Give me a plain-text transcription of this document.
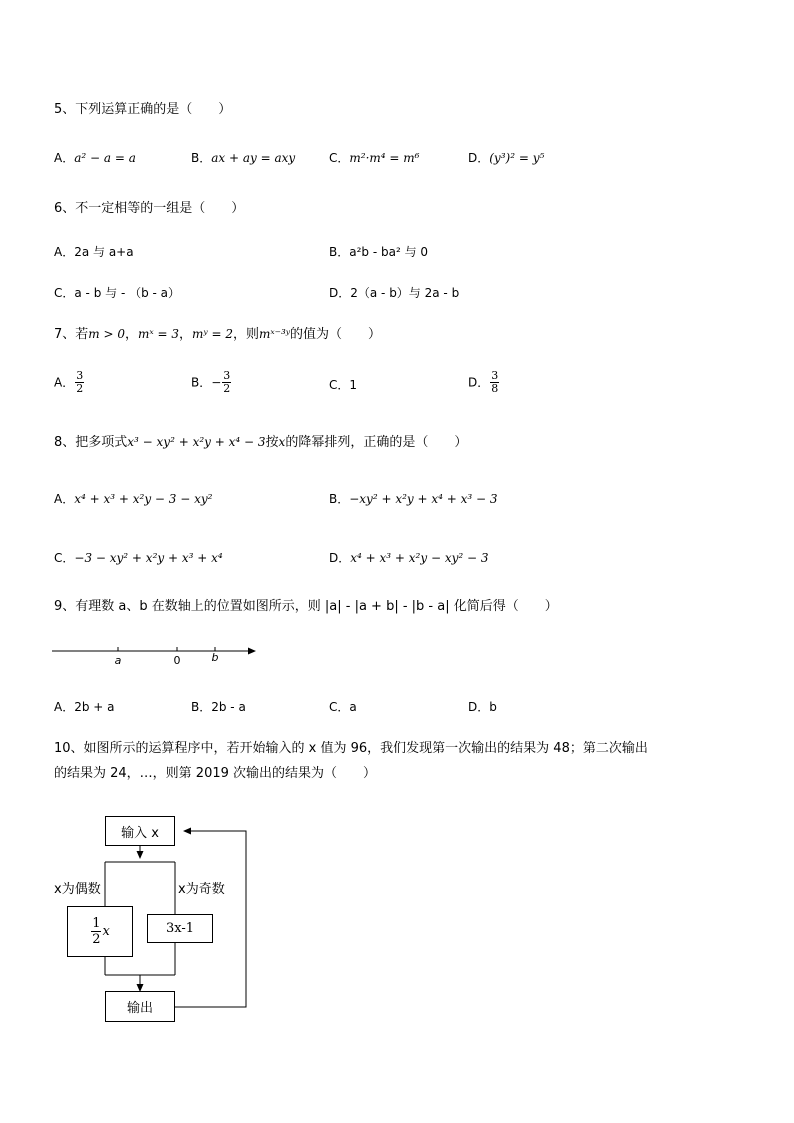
5、下列运算正确的是（　　）
A．a² − a = a	B．ax + ay = axy	C．m²·m⁴ = m⁶	D．(y³)² = y⁵
6、不一定相等的一组是（　　）
A．2a 与 a+a	B．a²b - ba² 与 0
C．a - b 与 - （b - a）	D．2（a - b）与 2a - b
7、若m > 0，mˣ = 3，mʸ = 2，则mˣ⁻³ʸ的值为（　　）
A． $\frac{3}{2}$	B．− $\frac{3}{2}$	C．1	D． $\frac{3}{8}$
8、把多项式x³ − xy² + x²y + x⁴ − 3按x的降幂排列，正确的是（　　）
A．x⁴ + x³ + x²y − 3 − xy²	B．−xy² + x²y + x⁴ + x³ − 3
C．−3 − xy² + x²y + x³ + x⁴	D．x⁴ + x³ + x²y − xy² − 3
9、有理数 a、b 在数轴上的位置如图所示，则 |a| - |a + b| - |b - a| 化简后得（　　）
a	0	b
A．2b + a	B．2b - a	C．a	D．b
10、如图所示的运算程序中，若开始输入的 x 值为 96，我们发现第一次输出的结果为 48；第二次输出
的结果为 24，…，则第 2019 次输出的结果为（　　）
输入 x
x为偶数	x为奇数
$\frac{1}{2}$ x	3x-1
输出
